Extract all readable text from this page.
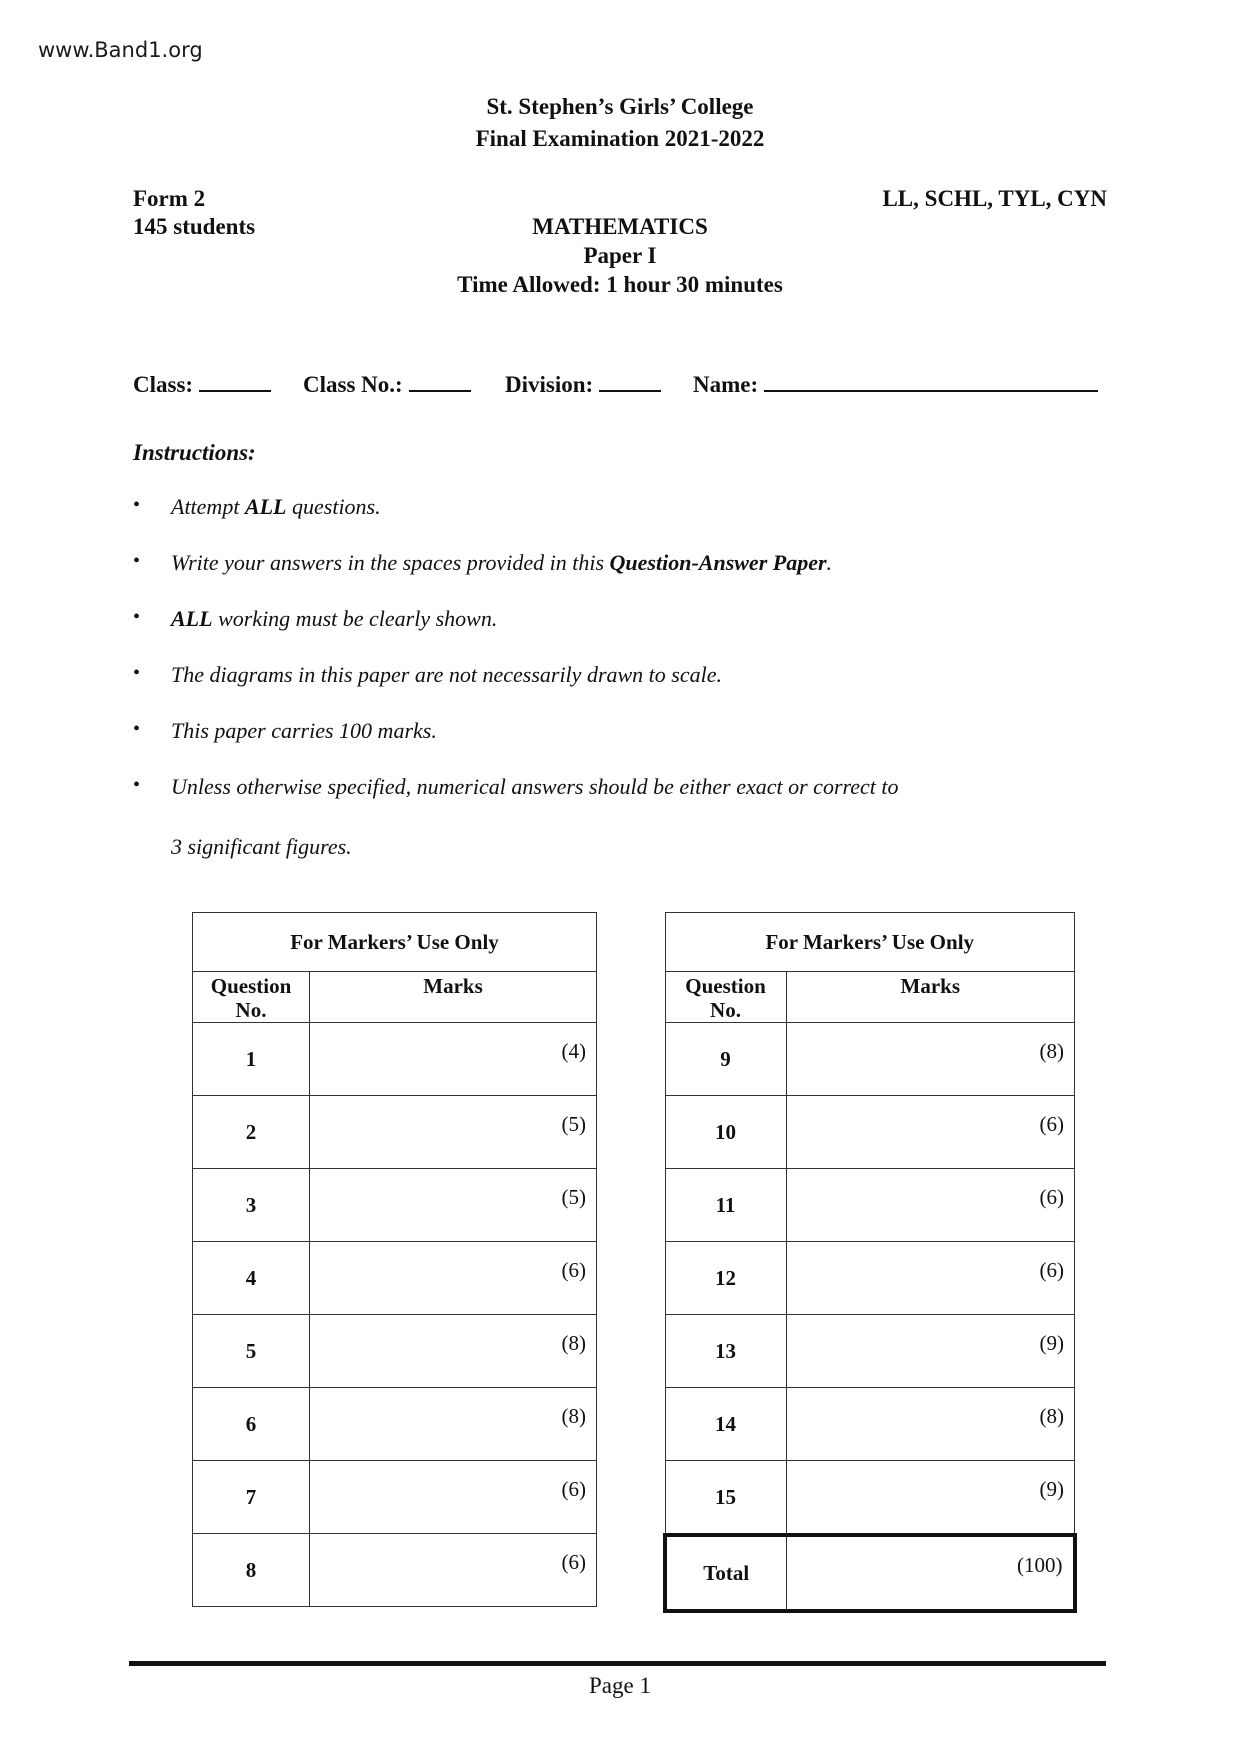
www.Band1.org
St. Stephen’s Girls’ College
Final Examination 2021-2022
Form 2
145 students
LL, SCHL, TYL, CYN
MATHEMATICS
Paper I
Time Allowed: 1 hour 30 minutes
Class:	Class No.:	Division:	Name:
Instructions:
• Attempt ALL questions.
• Write your answers in the spaces provided in this Question-Answer Paper.
• ALL working must be clearly shown.
• The diagrams in this paper are not necessarily drawn to scale.
• This paper carries 100 marks.
• Unless otherwise specified, numerical answers should be either exact or correct to
3 significant figures.
For Markers’ Use Only	
Question
No.	Marks
1	(4)
2	(5)
3	(5)
4	(6)
5	(8)
6	(8)
7	(6)
8	(6)
For Markers’ Use Only	
Question
No.	Marks
9	(8)
10	(6)
11	(6)
12	(6)
13	(9)
14	(8)
15	(9)
Total	(100)
Page 1
